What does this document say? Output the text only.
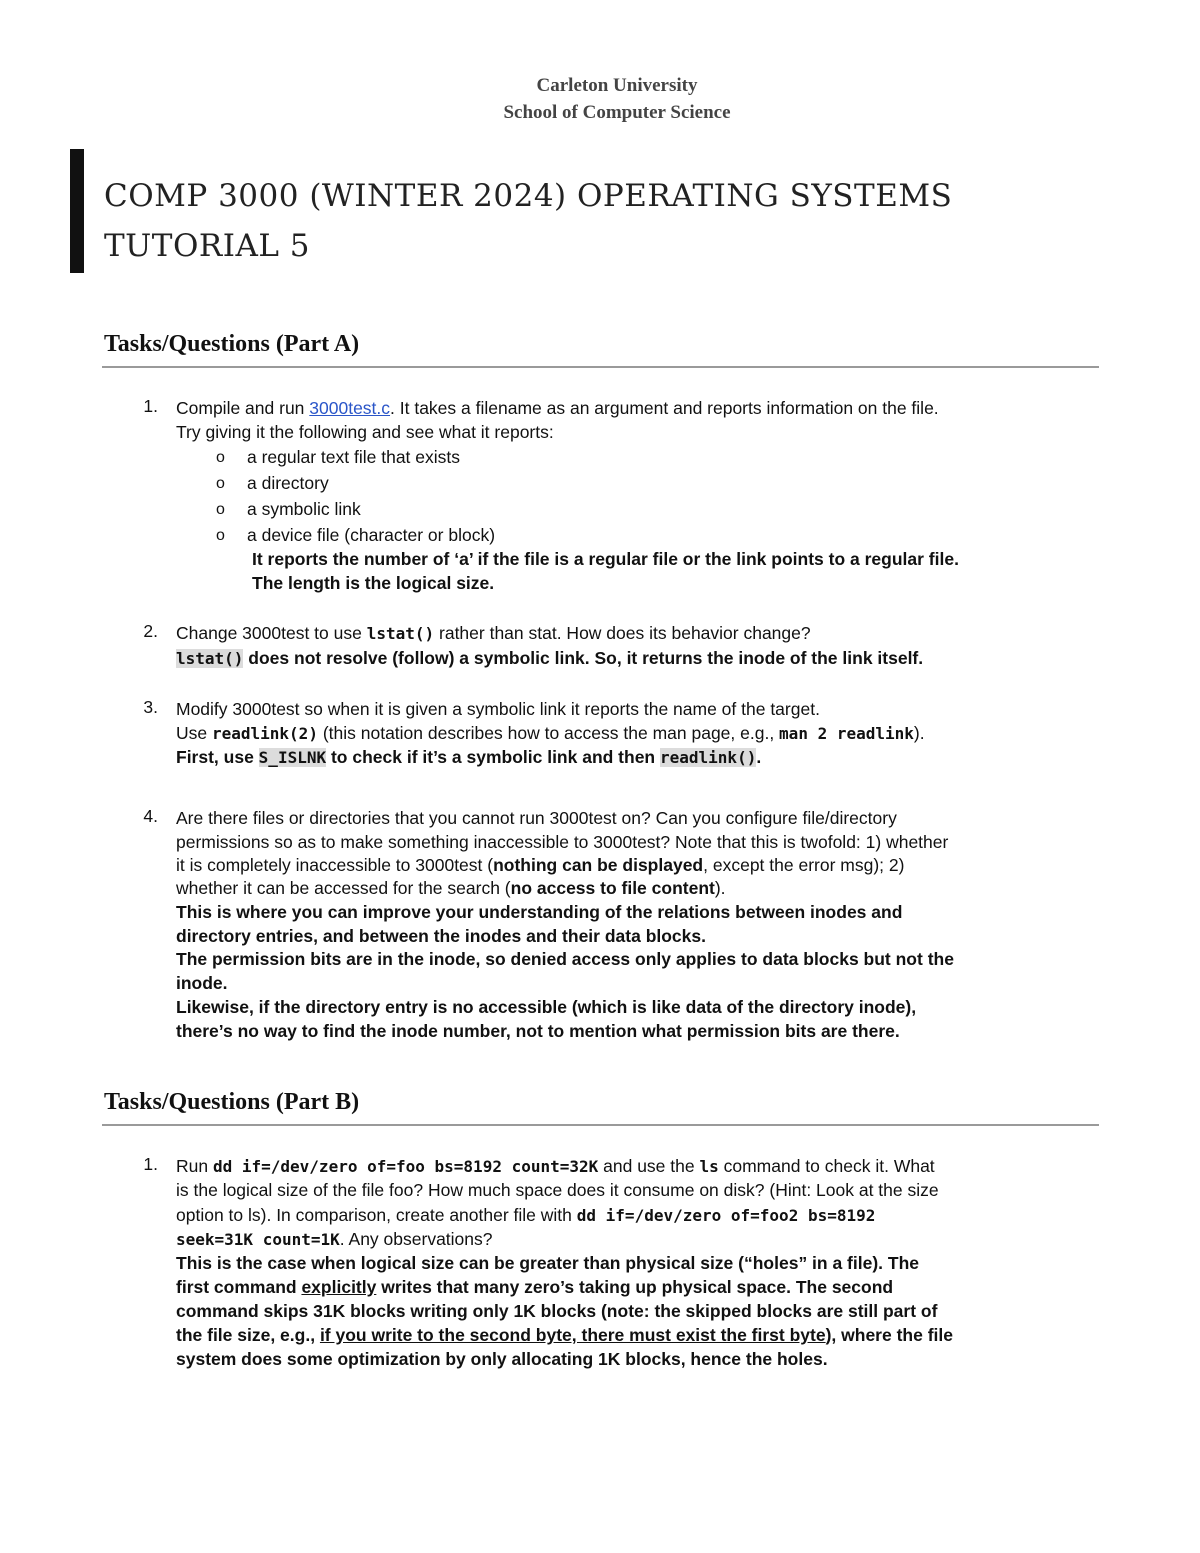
Carleton University
School of Computer Science
COMP 3000 (WINTER 2024) OPERATING SYSTEMS
TUTORIAL 5
Tasks/Questions (Part A)
1. Compile and run 3000test.c. It takes a filename as an argument and reports information on the file.
Try giving it the following and see what it reports:
o a regular text file that exists
o a directory
o a symbolic link
o a device file (character or block)
It reports the number of ‘a’ if the file is a regular file or the link points to a regular file.
The length is the logical size.
2. Change 3000test to use lstat() rather than stat. How does its behavior change?
lstat() does not resolve (follow) a symbolic link. So, it returns the inode of the link itself.
3. Modify 3000test so when it is given a symbolic link it reports the name of the target.
Use readlink(2) (this notation describes how to access the man page, e.g., man 2 readlink).
First, use S_ISLNK to check if it’s a symbolic link and then readlink().
4. Are there files or directories that you cannot run 3000test on? Can you configure file/directory
permissions so as to make something inaccessible to 3000test? Note that this is twofold: 1) whether
it is completely inaccessible to 3000test (nothing can be displayed, except the error msg); 2)
whether it can be accessed for the search (no access to file content).
This is where you can improve your understanding of the relations between inodes and
directory entries, and between the inodes and their data blocks.
The permission bits are in the inode, so denied access only applies to data blocks but not the
inode.
Likewise, if the directory entry is no accessible (which is like data of the directory inode),
there’s no way to find the inode number, not to mention what permission bits are there.
Tasks/Questions (Part B)
1. Run dd if=/dev/zero of=foo bs=8192 count=32K and use the ls command to check it. What
is the logical size of the file foo? How much space does it consume on disk? (Hint: Look at the size
option to ls). In comparison, create another file with dd if=/dev/zero of=foo2 bs=8192
seek=31K count=1K. Any observations?
This is the case when logical size can be greater than physical size (“holes” in a file). The
first command explicitly writes that many zero’s taking up physical space. The second
command skips 31K blocks writing only 1K blocks (note: the skipped blocks are still part of
the file size, e.g., if you write to the second byte, there must exist the first byte), where the file
system does some optimization by only allocating 1K blocks, hence the holes.
